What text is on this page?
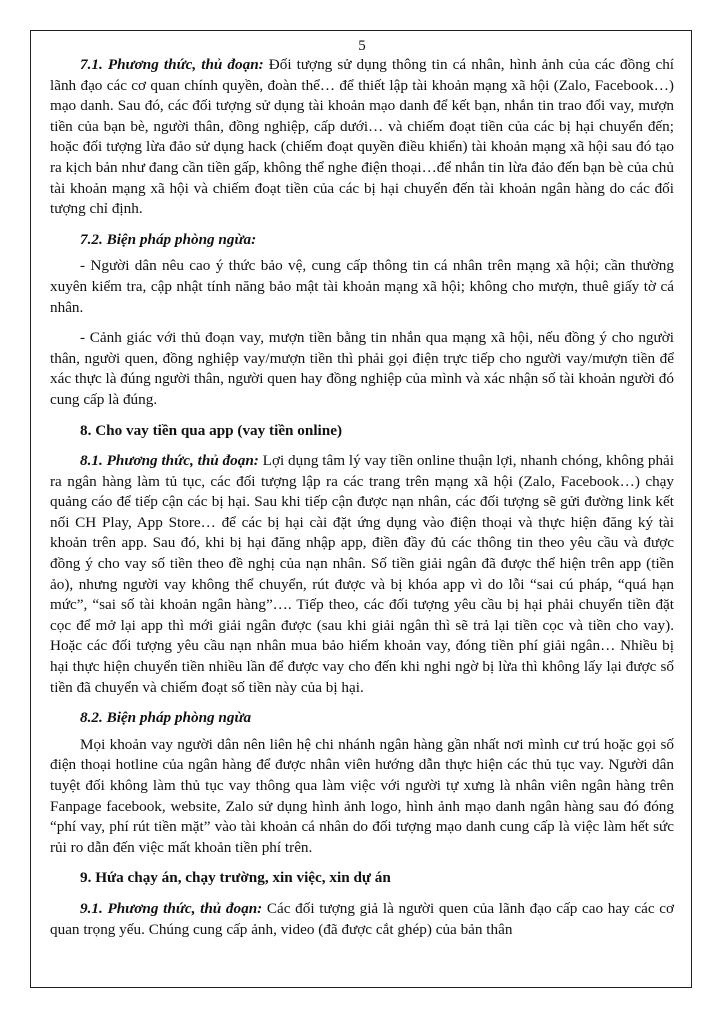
5

7.1. Phương thức, thủ đoạn: Đối tượng sử dụng thông tin cá nhân, hình ảnh của các đồng chí lãnh đạo các cơ quan chính quyền, đoàn thể… để thiết lập tài khoản mạng xã hội (Zalo, Facebook…) mạo danh. Sau đó, các đối tượng sử dụng tài khoản mạo danh để kết bạn, nhắn tin trao đổi vay, mượn tiền của bạn bè, người thân, đồng nghiệp, cấp dưới… và chiếm đoạt tiền của các bị hại chuyển đến; hoặc đối tượng lừa đảo sử dụng hack (chiếm đoạt quyền điều khiển) tài khoản mạng xã hội sau đó tạo ra kịch bản như đang cần tiền gấp, không thể nghe điện thoại…để nhắn tin lừa đảo đến bạn bè của chủ tài khoản mạng xã hội và chiếm đoạt tiền của các bị hại chuyển đến tài khoản ngân hàng do các đối tượng chỉ định.

7.2. Biện pháp phòng ngừa:

- Người dân nêu cao ý thức bảo vệ, cung cấp thông tin cá nhân trên mạng xã hội; cần thường xuyên kiểm tra, cập nhật tính năng bảo mật tài khoản mạng xã hội; không cho mượn, thuê giấy tờ cá nhân.

- Cảnh giác với thủ đoạn vay, mượn tiền bằng tin nhắn qua mạng xã hội, nếu đồng ý cho người thân, người quen, đồng nghiệp vay/mượn tiền thì phải gọi điện trực tiếp cho người vay/mượn tiền để xác thực là đúng người thân, người quen hay đồng nghiệp của mình và xác nhận số tài khoản người đó cung cấp là đúng.

8. Cho vay tiền qua app (vay tiền online)

8.1. Phương thức, thủ đoạn: Lợi dụng tâm lý vay tiền online thuận lợi, nhanh chóng, không phải ra ngân hàng làm tủ tục, các đối tượng lập ra các trang trên mạng xã hội (Zalo, Facebook…) chạy quảng cáo để tiếp cận các bị hại. Sau khi tiếp cận được nạn nhân, các đối tượng sẽ gửi đường link kết nối CH Play, App Store… để các bị hại cài đặt ứng dụng vào điện thoại và thực hiện đăng ký tài khoản trên app. Sau đó, khi bị hại đăng nhập app, điền đầy đủ các thông tin theo yêu cầu và được đồng ý cho vay số tiền theo đề nghị của nạn nhân. Số tiền giải ngân đã được thể hiện trên app (tiền ảo), nhưng người vay không thể chuyển, rút được và bị khóa app vì do lỗi “sai cú pháp, “quá hạn mức”, “sai số tài khoản ngân hàng”…. Tiếp theo, các đối tượng yêu cầu bị hại phải chuyển tiền đặt cọc để mở lại app thì mới giải ngân được (sau khi giải ngân thì sẽ trả lại tiền cọc và tiền cho vay). Hoặc các đối tượng yêu cầu nạn nhân mua bảo hiểm khoản vay, đóng tiền phí giải ngân… Nhiều bị hại thực hiện chuyển tiền nhiều lần để được vay cho đến khi nghi ngờ bị lừa thì không lấy lại được số tiền đã chuyển và chiếm đoạt số tiền này của bị hại.

8.2. Biện pháp phòng ngừa

Mọi khoản vay người dân nên liên hệ chi nhánh ngân hàng gần nhất nơi mình cư trú hoặc gọi số điện thoại hotline của ngân hàng để được nhân viên hướng dẫn thực hiện các thủ tục vay. Người dân tuyệt đối không làm thủ tục vay thông qua làm việc với người tự xưng là nhân viên ngân hàng trên Fanpage facebook, website, Zalo sử dụng hình ảnh logo, hình ảnh mạo danh ngân hàng sau đó đóng “phí vay, phí rút tiền mặt” vào tài khoản cá nhân do đối tượng mạo danh cung cấp là việc làm hết sức rủi ro dẫn đến việc mất khoản tiền phí trên.

9. Hứa chạy án, chạy trường, xin việc, xin dự án

9.1. Phương thức, thủ đoạn: Các đối tượng giả là người quen của lãnh đạo cấp cao hay các cơ quan trọng yếu. Chúng cung cấp ảnh, video (đã được cắt ghép) của bản thân
